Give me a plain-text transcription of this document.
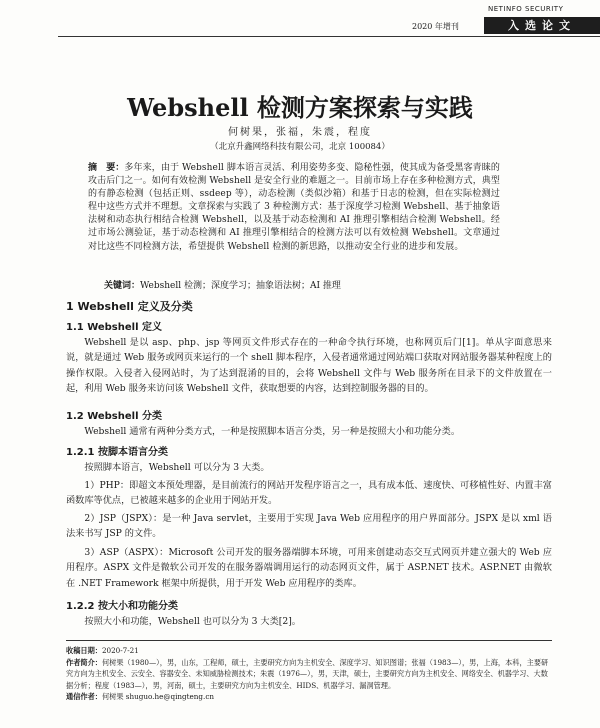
2020 年增刊
NETINFO SECURITY
入选论文
Webshell 检测方案探索与实践
何树果，张福，朱震，程度
（北京升鑫网络科技有限公司，北京 100084）
摘　要：多年来，由于 Webshell 脚本语言灵活、利用姿势多变、隐秘性强，使其成为备受黑客青睐的攻击后门之一。如何有效检测 Webshell 是安全行业的难题之一。目前市场上存在多种检测方式，典型的有静态检测（包括正则、ssdeep 等），动态检测（类似沙箱）和基于日志的检测，但在实际检测过程中这些方式并不理想。文章探索与实践了 3 种检测方式：基于深度学习检测 Webshell、基于抽象语法树和动态执行相结合检测 Webshell，以及基于动态检测和 AI 推理引擎相结合检测 Webshell。经过市场公测验证，基于动态检测和 AI 推理引擎相结合的检测方法可以有效检测 Webshell。文章通过对比这些不同检测方法，希望提供 Webshell 检测的新思路，以推动安全行业的进步和发展。
关键词：Webshell 检测；深度学习；抽象语法树；AI 推理
1 Webshell 定义及分类
1.1 Webshell 定义
Webshell 是以 asp、php、jsp 等网页文件形式存在的一种命令执行环境，也称网页后门[1]。单从字面意思来说，就是通过 Web 服务或网页来运行的一个 shell 脚本程序，入侵者通常通过网站端口获取对网站服务器某种程度上的操作权限。入侵者入侵网站时，为了达到混淆的目的，会将 Webshell 文件与 Web 服务所在目录下的文件放置在一起，利用 Web 服务来访问该 Webshell 文件，获取想要的内容，达到控制服务器的目的。
1.2 Webshell 分类
Webshell 通常有两种分类方式，一种是按照脚本语言分类，另一种是按照大小和功能分类。
1.2.1 按脚本语言分类
按照脚本语言，Webshell 可以分为 3 大类。
1）PHP：即超文本预处理器，是目前流行的网站开发程序语言之一，具有成本低、速度快、可移植性好、内置丰富函数库等优点，已被越来越多的企业用于网站开发。
2）JSP（JSPX）：是一种 Java servlet，主要用于实现 Java Web 应用程序的用户界面部分。JSPX 是以 xml 语法来书写 JSP 的文件。
3）ASP（ASPX）：Microsoft 公司开发的服务器端脚本环境，可用来创建动态交互式网页并建立强大的 Web 应用程序。ASPX 文件是微软公司开发的在服务器端调用运行的动态网页文件，属于 ASP.NET 技术。ASP.NET 由微软在 .NET Framework 框架中所提供，用于开发 Web 应用程序的类库。
1.2.2 按大小和功能分类
按照大小和功能，Webshell 也可以分为 3 大类[2]。
收稿日期：2020-7-21
作者简介：何树果（1980—），男，山东，工程师，硕士，主要研究方向为主机安全、深度学习、知识图谱；张福（1983—），男，上海，本科，主要研究方向为主机安全、云安全、容器安全、未知威胁检测技术；朱震（1976—），男，天津，硕士，主要研究方向为主机安全、网络安全、机器学习、大数据分析；程度（1983—），男，河南，硕士，主要研究方向为主机安全、HIDS、机器学习、漏洞管理。
通信作者：何树果 shuguo.he@qingteng.cn
